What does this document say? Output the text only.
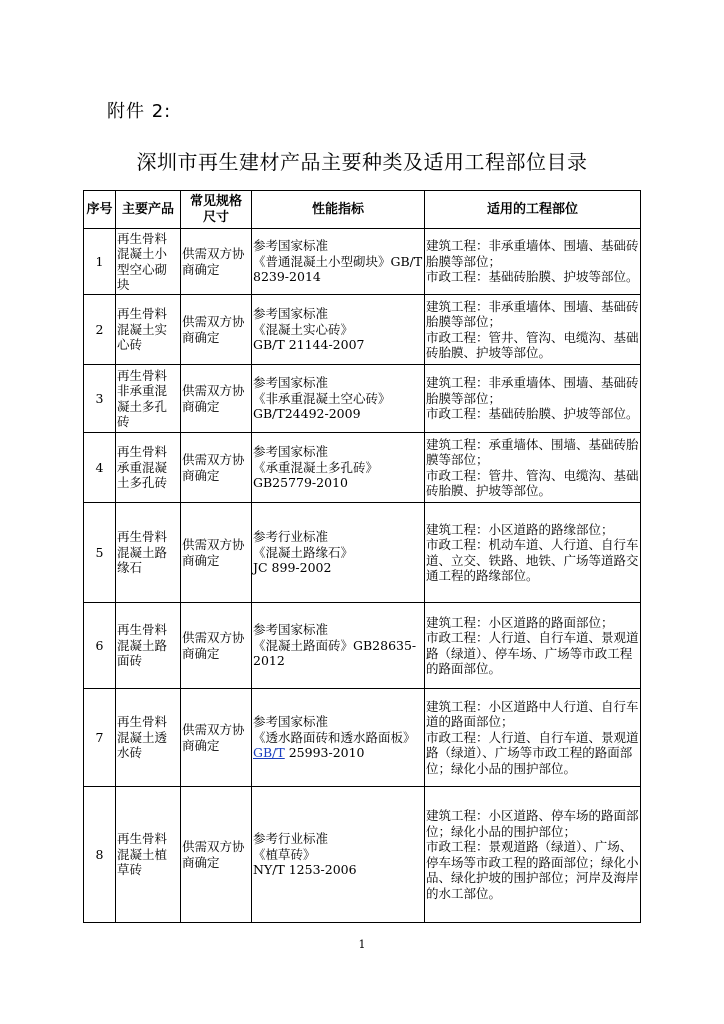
附件 2:
深圳市再生建材产品主要种类及适用工程部位目录
序号	主要产品	常见规格尺寸	性能指标	适用的工程部位
1	再生骨料混凝土小型空心砌块	供需双方协商确定	参考国家标准
《普通混凝土小型砌块》GB/T 8239-2014	建筑工程：非承重墙体、围墙、基础砖胎膜等部位；
市政工程：基础砖胎膜、护坡等部位。
2	再生骨料混凝土实心砖	供需双方协商确定	参考国家标准
《混凝土实心砖》
GB/T 21144-2007	建筑工程：非承重墙体、围墙、基础砖胎膜等部位；
市政工程：管井、管沟、电缆沟、基础砖胎膜、护坡等部位。
3	再生骨料非承重混凝土多孔砖	供需双方协商确定	参考国家标准
《非承重混凝土空心砖》
GB/T24492-2009	建筑工程：非承重墙体、围墙、基础砖胎膜等部位；
市政工程：基础砖胎膜、护坡等部位。
4	再生骨料承重混凝土多孔砖	供需双方协商确定	参考国家标准
《承重混凝土多孔砖》GB25779-2010	建筑工程：承重墙体、围墙、基础砖胎膜等部位；
市政工程：管井、管沟、电缆沟、基础砖胎膜、护坡等部位。
5	再生骨料混凝土路缘石	供需双方协商确定	参考行业标准
《混凝土路缘石》
JC 899-2002	建筑工程：小区道路的路缘部位；
市政工程：机动车道、人行道、自行车道、立交、铁路、地铁、广场等道路交通工程的路缘部位。
6	再生骨料混凝土路面砖	供需双方协商确定	参考国家标准
《混凝土路面砖》GB28635-2012	建筑工程：小区道路的路面部位；
市政工程：人行道、自行车道、景观道路（绿道）、停车场、广场等市政工程的路面部位。
7	再生骨料混凝土透水砖	供需双方协商确定	参考国家标准
《透水路面砖和透水路面板》GB/T 25993-2010	建筑工程：小区道路中人行道、自行车道的路面部位；
市政工程：人行道、自行车道、景观道路（绿道）、广场等市政工程的路面部位；绿化小品的围护部位。
8	再生骨料混凝土植草砖	供需双方协商确定	参考行业标准
《植草砖》
NY/T 1253-2006	建筑工程：小区道路、停车场的路面部位；绿化小品的围护部位；
市政工程：景观道路（绿道）、广场、停车场等市政工程的路面部位；绿化小品、绿化护坡的围护部位；河岸及海岸的水工部位。
1
